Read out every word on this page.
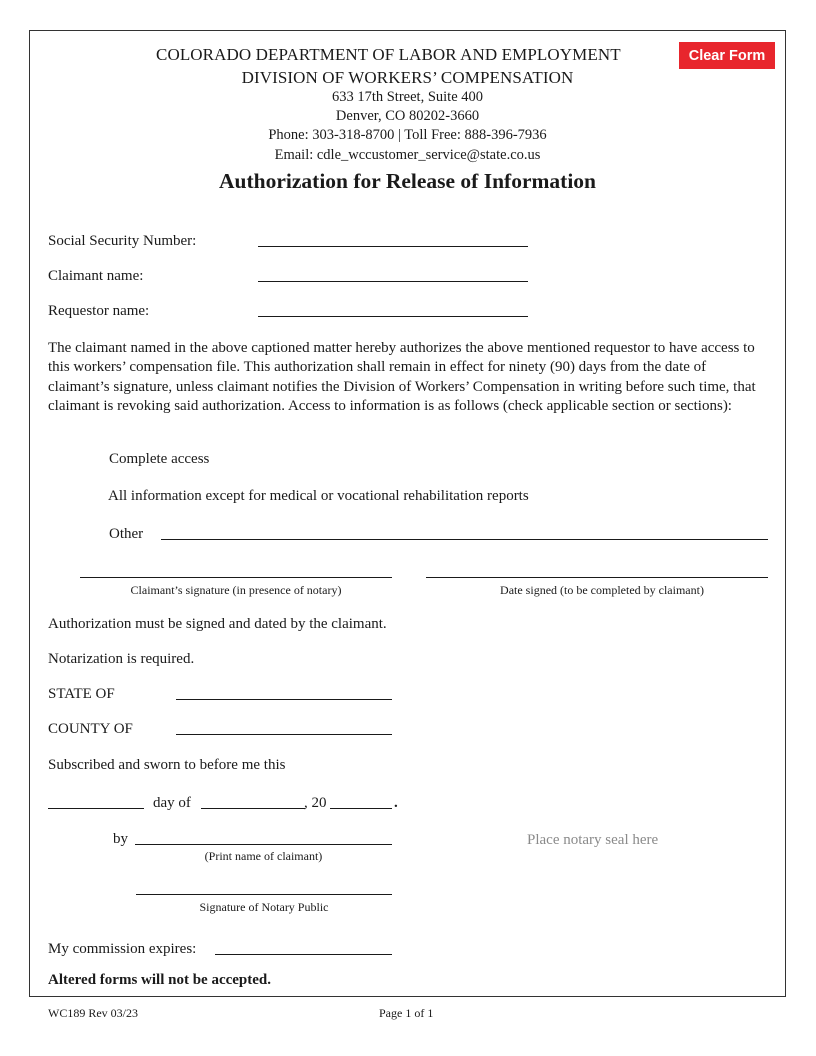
COLORADO DEPARTMENT OF LABOR AND EMPLOYMENT	Clear Form
DIVISION OF WORKERS’ COMPENSATION
633 17th Street, Suite 400
Denver, CO 80202-3660
Phone: 303-318-8700 | Toll Free: 888-396-7936
Email: cdle_wccustomer_service@state.co.us
Authorization for Release of Information
Social Security Number:
Claimant name:
Requestor name:
The claimant named in the above captioned matter hereby authorizes the above mentioned requestor to have access to this workers’ compensation file. This authorization shall remain in effect for ninety (90) days from the date of claimant’s signature, unless claimant notifies the Division of Workers’ Compensation in writing before such time, that claimant is revoking said authorization. Access to information is as follows (check applicable section or sections):
Complete access
All information except for medical or vocational rehabilitation reports
Other
Claimant’s signature (in presence of notary)	Date signed (to be completed by claimant)
Authorization must be signed and dated by the claimant.
Notarization is required.
STATE OF
COUNTY OF
Subscribed and sworn to before me this
day of	, 20	.
by
(Print name of claimant)
Place notary seal here
Signature of Notary Public
My commission expires:
Altered forms will not be accepted.
WC189 Rev 03/23	Page 1 of 1
